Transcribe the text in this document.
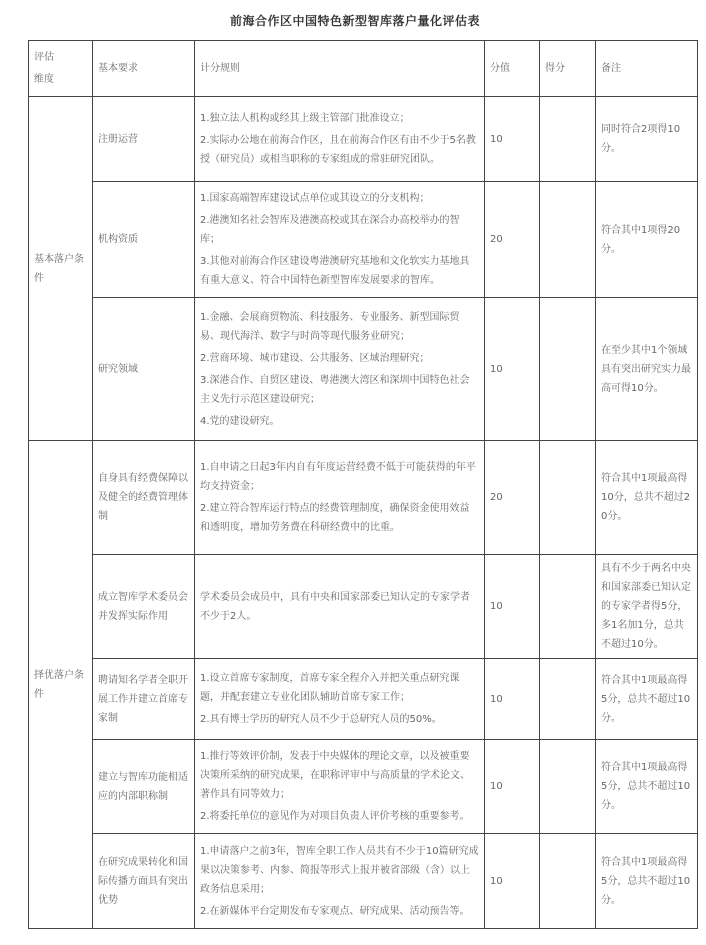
前海合作区中国特色新型智库落户量化评估表

评估

维度	基本要求	计分规则	分值	得分	备注
基本落户条件	注册运营	1.独立法人机构或经其上级主管部门批准设立；

2.实际办公地在前海合作区，且在前海合作区有由不少于5名教授（研究员）或相当职称的专家组成的常驻研究团队。	10		同时符合2项得10分。
	机构资质	1.国家高端智库建设试点单位或其设立的分支机构；

2.港澳知名社会智库及港澳高校或其在深合办高校举办的智库；

3.其他对前海合作区建设粤港澳研究基地和文化软实力基地具有重大意义、符合中国特色新型智库发展要求的智库。	20		符合其中1项得20分。
	研究领域	1.金融、会展商贸物流、科技服务、专业服务、新型国际贸易、现代海洋、数字与时尚等现代服务业研究；

2.营商环境、城市建设、公共服务、区域治理研究；

3.深港合作、自贸区建设、粤港澳大湾区和深圳中国特色社会主义先行示范区建设研究；

4.党的建设研究。	10		在至少其中1个领域具有突出研究实力最高可得10分。
择优落户条件	自身具有经费保障以及健全的经费管理体制	1.自申请之日起3年内自有年度运营经费不低于可能获得的年平均支持资金；

2.建立符合智库运行特点的经费管理制度，确保资金使用效益和透明度，增加劳务费在科研经费中的比重。	20		符合其中1项最高得10分，总共不超过20分。
	成立智库学术委员会并发挥实际作用	学术委员会成员中，具有中央和国家部委已知认定的专家学者不少于2人。	10		具有不少于两名中央和国家部委已知认定的专家学者得5分，多1名加1分，总共不超过10分。
	聘请知名学者全职开展工作并建立首席专家制	1.设立首席专家制度，首席专家全程介入并把关重点研究课题，并配套建立专业化团队辅助首席专家工作；

2.具有博士学历的研究人员不少于总研究人员的50%。	10		符合其中1项最高得5分，总共不超过10分。
	建立与智库功能相适应的内部职称制	1.推行等效评价制，发表于中央媒体的理论文章，以及被重要决策所采纳的研究成果，在职称评审中与高质量的学术论文、著作具有同等效力；

2.将委托单位的意见作为对项目负责人评价考核的重要参考。	10		符合其中1项最高得5分，总共不超过10分。
	在研究成果转化和国际传播方面具有突出优势	1.申请落户之前3年，智库全职工作人员共有不少于10篇研究成果以决策参考、内参、简报等形式上报并被省部级（含）以上政务信息采用；

2.在新媒体平台定期发布专家观点、研究成果、活动预告等。	10		符合其中1项最高得5分，总共不超过10分。
